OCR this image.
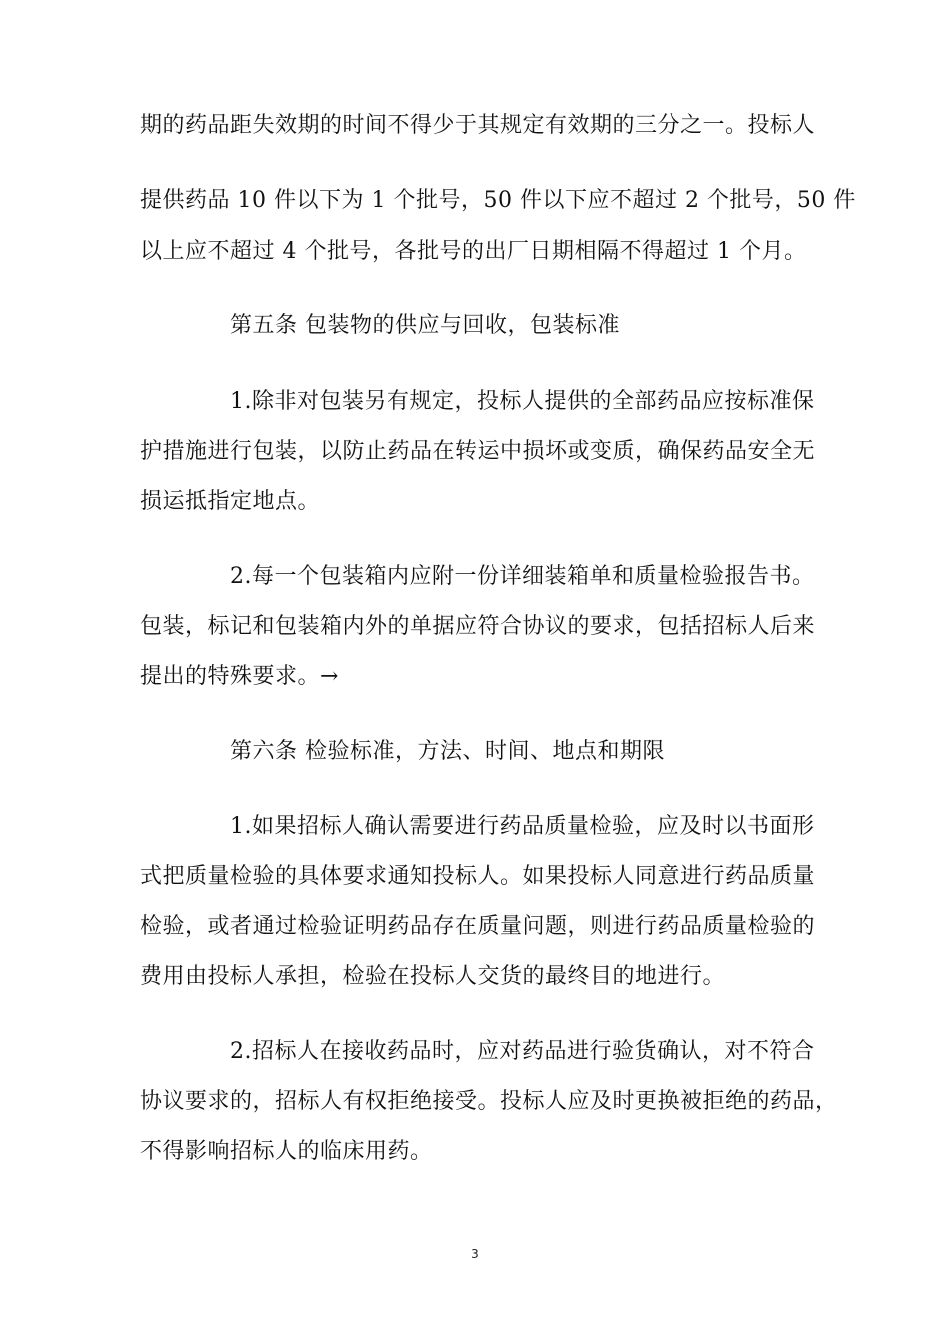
期的药品距失效期的时间不得少于其规定有效期的三分之一。投标人
提供药品 10 件以下为 1 个批号，50 件以下应不超过 2 个批号，50 件
以上应不超过 4 个批号，各批号的出厂日期相隔不得超过 1 个月。
第五条 包装物的供应与回收，包装标准
1.除非对包装另有规定，投标人提供的全部药品应按标准保
护措施进行包装，以防止药品在转运中损坏或变质，确保药品安全无
损运抵指定地点。
2.每一个包装箱内应附一份详细装箱单和质量检验报告书。
包装，标记和包装箱内外的单据应符合协议的要求，包括招标人后来
提出的特殊要求。→
第六条 检验标准，方法、时间、地点和期限
1.如果招标人确认需要进行药品质量检验，应及时以书面形
式把质量检验的具体要求通知投标人。如果投标人同意进行药品质量
检验，或者通过检验证明药品存在质量问题，则进行药品质量检验的
费用由投标人承担，检验在投标人交货的最终目的地进行。
2.招标人在接收药品时，应对药品进行验货确认，对不符合
协议要求的，招标人有权拒绝接受。投标人应及时更换被拒绝的药品，
不得影响招标人的临床用药。
3
